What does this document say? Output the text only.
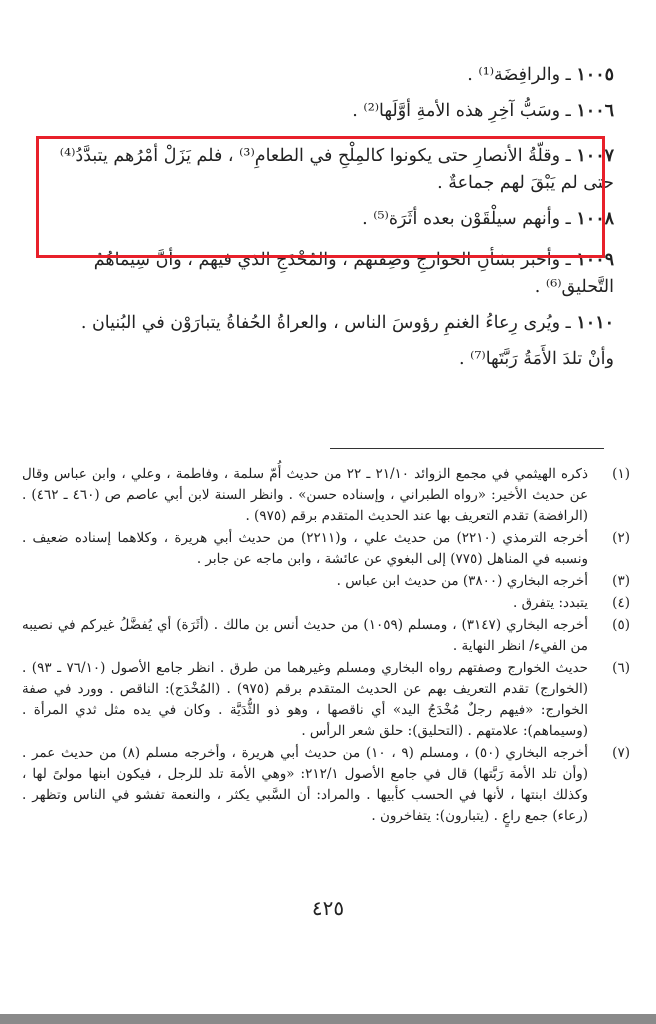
١٠٠٥ ـ والرافِضَة⁽¹⁾ .
١٠٠٦ ـ وسَبُّ آخِرِ هذه الأمةِ أوَّلَها⁽²⁾ .
١٠٠٧ ـ وقلّةُ الأنصارِ حتى يكونوا كالمِلْحِ في الطعامِ⁽³⁾ ، فلم يَزَلْ أمْرُهم يتبدَّدُ⁽⁴⁾ حتى لم يَبْقَ لهم جماعةٌ .
١٠٠٨ ـ وأنهم سيلْقَوْن بعده أثَرَة⁽⁵⁾ .
١٠٠٩ ـ وأخبر بشأنِ الخوارجِ وصِفتهم ، والمُخْدَجِ الذي فيهم ، وأنَّ سِيماهُمُ التَّحليق⁽⁶⁾ .
١٠١٠ ـ ويُرى رِعاءُ الغنمِ رؤوسَ الناس ، والعراةُ الحُفاةُ يتبارَوْن في البُنيان .
وأنْ تلدَ الأَمَةُ رَبَّتَها⁽⁷⁾ .
(١)
ذكره الهيثمي في مجمع الزوائد ٢١/١٠ ـ ٢٢ من حديث أُمّ سلمة ، وفاطمة ، وعلي ، وابن عباس وقال عن حديث الأخير: «رواه الطبراني ، وإسناده حسن» . وانظر السنة لابن أبي عاصم ص (٤٦٠ ـ ٤٦٢) . (الرافضة) تقدم التعريف بها عند الحديث المتقدم برقم (٩٧٥) .
(٢)
أخرجه الترمذي (٢٢١٠) من حديث علي ، و(٢٢١١) من حديث أبي هريرة ، وكلاهما إسناده ضعيف . ونسبه في المناهل (٧٧٥) إلى البغوي عن عائشة ، وابن ماجه عن جابر .
(٣)
أخرجه البخاري (٣٨٠٠) من حديث ابن عباس .
(٤)
يتبدد: يتفرق .
(٥)
أخرجه البخاري (٣١٤٧) ، ومسلم (١٠٥٩) من حديث أنس بن مالك . (أثَرَة) أي يُفضَّلُ غيركم في نصيبه من الفيء/ انظر النهاية .
(٦)
حديث الخوارج وصفتهم رواه البخاري ومسلم وغيرهما من طرق . انظر جامع الأصول (٧٦/١٠ ـ ٩٣) . (الخوارج) تقدم التعريف بهم عن الحديث المتقدم برقم (٩٧٥) . (المُخْدَج): الناقص . وورد في صفة الخوارج: «فيهم رجلٌ مُخْدَجُ اليد» أي ناقصها ، وهو ذو الثُّدَيَّة . وكان في يده مثل ثدي المرأة . (وسيماهم): علامتهم . (التحليق): حلق شعر الرأس .
(٧)
أخرجه البخاري (٥٠) ، ومسلم (٩ ، ١٠) من حديث أبي هريرة ، وأخرجه مسلم (٨) من حديث عمر . (وأن تلد الأمة رَبَّتها) قال في جامع الأصول ٢١٢/١: «وهي الأمة تلد للرجل ، فيكون ابنها مولىً لها ، وكذلك ابنتها ، لأنها في الحسب كأبيها . والمراد: أن السَّبي يكثر ، والنعمة تفشو في الناس وتظهر . (رعاء) جمع راعٍ . (يتبارون): يتفاخرون .
٤٢٥
